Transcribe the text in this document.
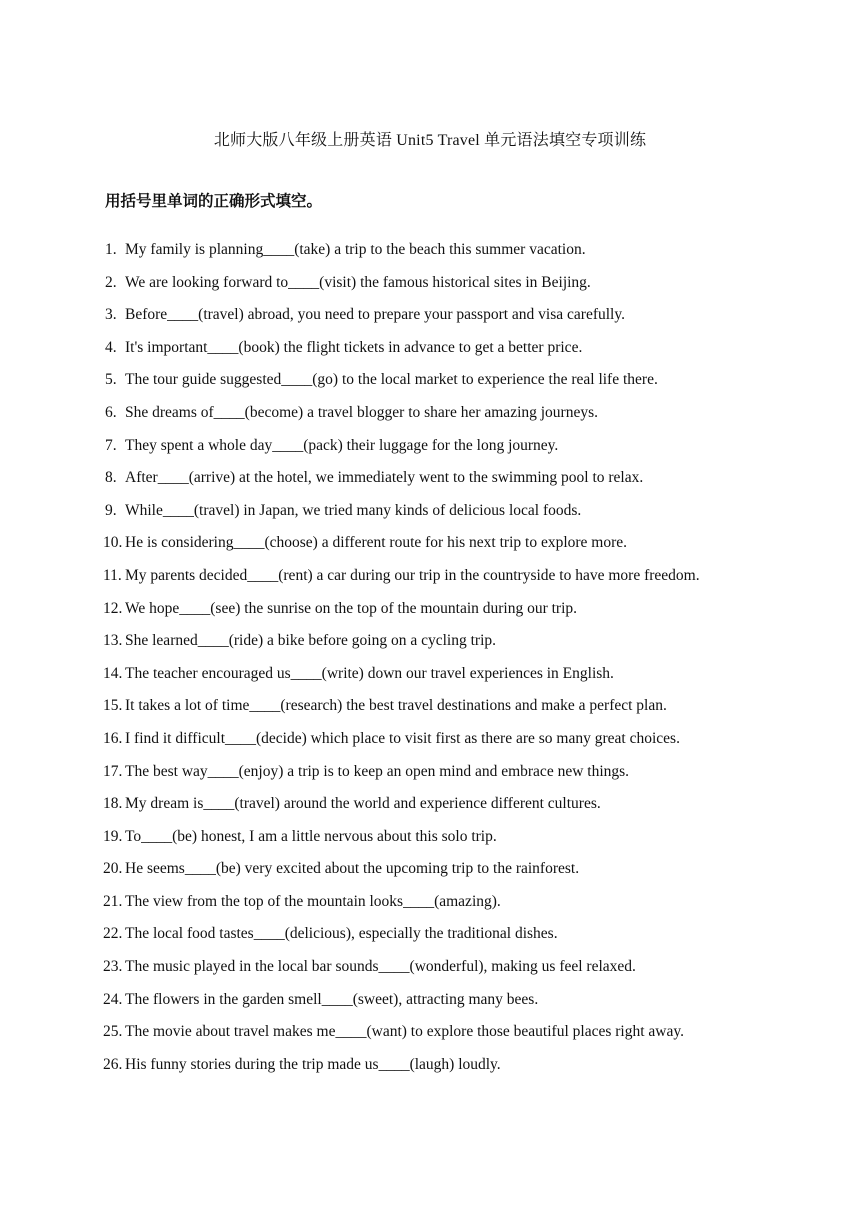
北师大版八年级上册英语 Unit5 Travel 单元语法填空专项训练
用括号里单词的正确形式填空。
1. My family is planning____(take) a trip to the beach this summer vacation.
2. We are looking forward to____(visit) the famous historical sites in Beijing.
3. Before____(travel) abroad, you need to prepare your passport and visa carefully.
4. It's important____(book) the flight tickets in advance to get a better price.
5. The tour guide suggested____(go) to the local market to experience the real life there.
6. She dreams of____(become) a travel blogger to share her amazing journeys.
7. They spent a whole day____(pack) their luggage for the long journey.
8. After____(arrive) at the hotel, we immediately went to the swimming pool to relax.
9. While____(travel) in Japan, we tried many kinds of delicious local foods.
10. He is considering____(choose) a different route for his next trip to explore more.
11. My parents decided____(rent) a car during our trip in the countryside to have more freedom.
12. We hope____(see) the sunrise on the top of the mountain during our trip.
13. She learned____(ride) a bike before going on a cycling trip.
14. The teacher encouraged us____(write) down our travel experiences in English.
15. It takes a lot of time____(research) the best travel destinations and make a perfect plan.
16. I find it difficult____(decide) which place to visit first as there are so many great choices.
17. The best way____(enjoy) a trip is to keep an open mind and embrace new things.
18. My dream is____(travel) around the world and experience different cultures.
19. To____(be) honest, I am a little nervous about this solo trip.
20. He seems____(be) very excited about the upcoming trip to the rainforest.
21. The view from the top of the mountain looks____(amazing).
22. The local food tastes____(delicious), especially the traditional dishes.
23. The music played in the local bar sounds____(wonderful), making us feel relaxed.
24. The flowers in the garden smell____(sweet), attracting many bees.
25. The movie about travel makes me____(want) to explore those beautiful places right away.
26. His funny stories during the trip made us____(laugh) loudly.
